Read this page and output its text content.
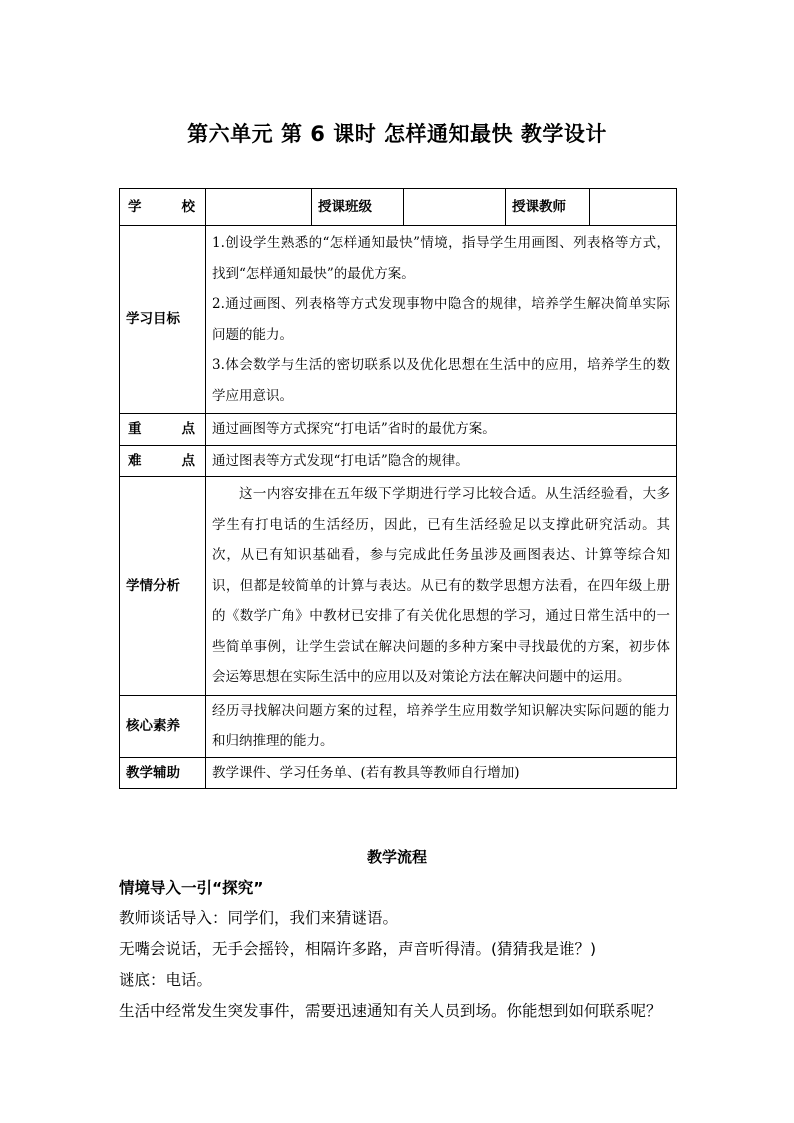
第六单元 第 6 课时 怎样通知最快 教学设计
学 校		授课班级		授课教师	
学习目标	1.创设学生熟悉的“怎样通知最快”情境，指导学生用画图、列表格等方式，找到“怎样通知最快”的最优方案。
2.通过画图、列表格等方式发现事物中隐含的规律，培养学生解决简单实际问题的能力。
3.体会数学与生活的密切联系以及优化思想在生活中的应用，培养学生的数学应用意识。				

重 点	通过画图等方式探究“打电话”省时的最优方案。				

难 点	通过图表等方式发现“打电话”隐含的规律。				
学情分析	这一内容安排在五年级下学期进行学习比较合适。从生活经验看，大多学生有打电话的生活经历，因此，已有生活经验足以支撑此研究活动。其次，从已有知识基础看，参与完成此任务虽涉及画图表达、计算等综合知识，但都是较简单的计算与表达。从已有的数学思想方法看，在四年级上册的《数学广角》中教材已安排了有关优化思想的学习，通过日常生活中的一些简单事例，让学生尝试在解决问题的多种方案中寻找最优的方案，初步体会运筹思想在实际生活中的应用以及对策论方法在解决问题中的运用。				
核心素养	经历寻找解决问题方案的过程，培养学生应用数学知识解决实际问题的能力和归纳推理的能力。				
教学辅助	教学课件、学习任务单、(若有教具等教师自行增加)				
教学流程
情境导入一引“探究”
教师谈话导入：同学们，我们来猜谜语。
无嘴会说话，无手会摇铃，相隔许多路，声音听得清。(猜猜我是谁？)
谜底：电话。
生活中经常发生突发事件，需要迅速通知有关人员到场。你能想到如何联系呢？
